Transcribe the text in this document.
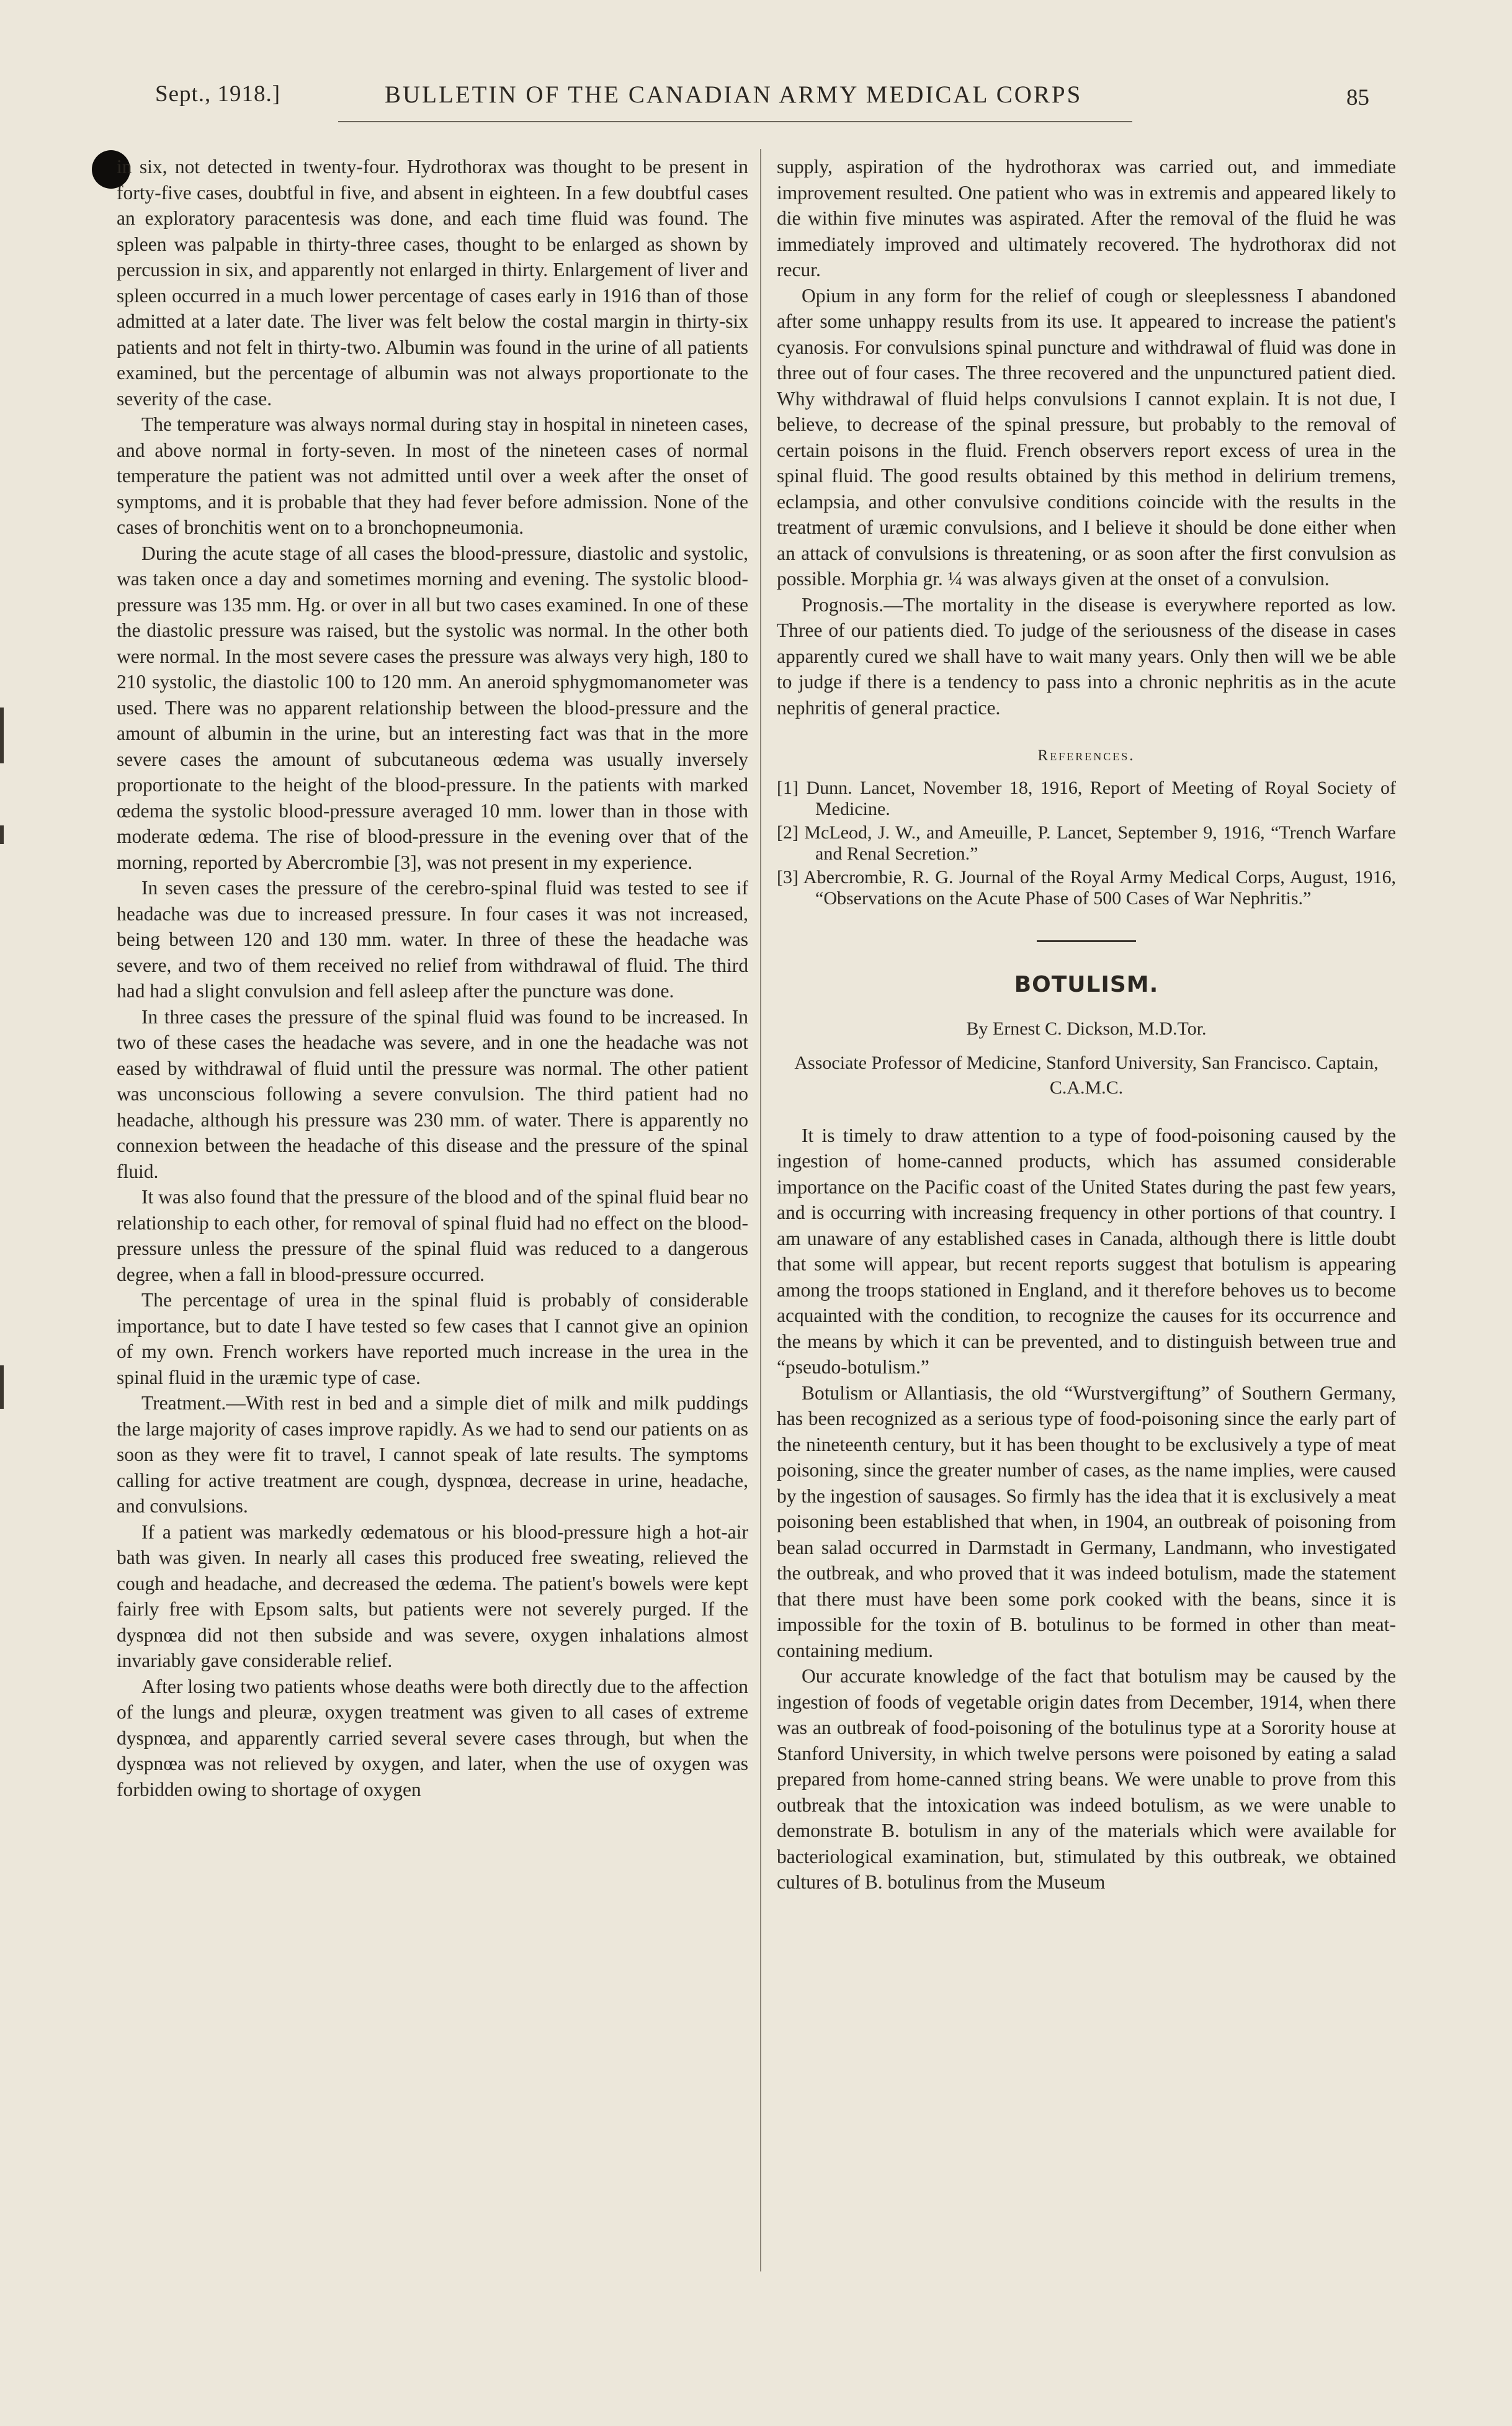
Sept., 1918.]	BULLETIN OF THE CANADIAN ARMY MEDICAL CORPS	85

in six, not detected in twenty-four. Hydrothorax was thought to be present in forty-five cases, doubtful in five, and absent in eighteen. In a few doubtful cases an exploratory paracentesis was done, and each time fluid was found. The spleen was palpable in thirty-three cases, thought to be enlarged as shown by percussion in six, and apparently not enlarged in thirty. Enlargement of liver and spleen occurred in a much lower percentage of cases early in 1916 than of those admitted at a later date. The liver was felt below the costal margin in thirty-six patients and not felt in thirty-two. Albumin was found in the urine of all patients examined, but the percentage of albumin was not always proportionate to the severity of the case.

The temperature was always normal during stay in hospital in nineteen cases, and above normal in forty-seven. In most of the nineteen cases of normal temperature the patient was not admitted until over a week after the onset of symptoms, and it is probable that they had fever before admission. None of the cases of bronchitis went on to a bronchopneumonia.

During the acute stage of all cases the blood-pressure, diastolic and systolic, was taken once a day and sometimes morning and evening. The systolic blood-pressure was 135 mm. Hg. or over in all but two cases examined. In one of these the diastolic pressure was raised, but the systolic was normal. In the other both were normal. In the most severe cases the pressure was always very high, 180 to 210 systolic, the diastolic 100 to 120 mm. An aneroid sphygmomanometer was used. There was no apparent relationship between the blood-pressure and the amount of albumin in the urine, but an interesting fact was that in the more severe cases the amount of subcutaneous œdema was usually inversely proportionate to the height of the blood-pressure. In the patients with marked œdema the systolic blood-pressure averaged 10 mm. lower than in those with moderate œdema. The rise of blood-pressure in the evening over that of the morning, reported by Abercrombie [3], was not present in my experience.

In seven cases the pressure of the cerebro-spinal fluid was tested to see if headache was due to increased pressure. In four cases it was not increased, being between 120 and 130 mm. water. In three of these the headache was severe, and two of them received no relief from withdrawal of fluid. The third had had a slight convulsion and fell asleep after the puncture was done.

In three cases the pressure of the spinal fluid was found to be increased. In two of these cases the headache was severe, and in one the headache was not eased by withdrawal of fluid until the pressure was normal. The other patient was unconscious following a severe convulsion. The third patient had no headache, although his pressure was 230 mm. of water. There is apparently no connexion between the headache of this disease and the pressure of the spinal fluid.

It was also found that the pressure of the blood and of the spinal fluid bear no relationship to each other, for removal of spinal fluid had no effect on the blood-pressure unless the pressure of the spinal fluid was reduced to a dangerous degree, when a fall in blood-pressure occurred.

The percentage of urea in the spinal fluid is probably of considerable importance, but to date I have tested so few cases that I cannot give an opinion of my own. French workers have reported much increase in the urea in the spinal fluid in the uræmic type of case.

Treatment.—With rest in bed and a simple diet of milk and milk puddings the large majority of cases improve rapidly. As we had to send our patients on as soon as they were fit to travel, I cannot speak of late results. The symptoms calling for active treatment are cough, dyspnœa, decrease in urine, headache, and convulsions.

If a patient was markedly œdematous or his blood-pressure high a hot-air bath was given. In nearly all cases this produced free sweating, relieved the cough and headache, and decreased the œdema. The patient's bowels were kept fairly free with Epsom salts, but patients were not severely purged. If the dyspnœa did not then subside and was severe, oxygen inhalations almost invariably gave considerable relief.

After losing two patients whose deaths were both directly due to the affection of the lungs and pleuræ, oxygen treatment was given to all cases of extreme dyspnœa, and apparently carried several severe cases through, but when the dyspnœa was not relieved by oxygen, and later, when the use of oxygen was forbidden owing to shortage of oxygen

supply, aspiration of the hydrothorax was carried out, and immediate improvement resulted. One patient who was in extremis and appeared likely to die within five minutes was aspirated. After the removal of the fluid he was immediately improved and ultimately recovered. The hydrothorax did not recur.

Opium in any form for the relief of cough or sleeplessness I abandoned after some unhappy results from its use. It appeared to increase the patient's cyanosis. For convulsions spinal puncture and withdrawal of fluid was done in three out of four cases. The three recovered and the unpunctured patient died. Why withdrawal of fluid helps convulsions I cannot explain. It is not due, I believe, to decrease of the spinal pressure, but probably to the removal of certain poisons in the fluid. French observers report excess of urea in the spinal fluid. The good results obtained by this method in delirium tremens, eclampsia, and other convulsive conditions coincide with the results in the treatment of uræmic convulsions, and I believe it should be done either when an attack of convulsions is threatening, or as soon after the first convulsion as possible. Morphia gr. ¼ was always given at the onset of a convulsion.

Prognosis.—The mortality in the disease is everywhere reported as low. Three of our patients died. To judge of the seriousness of the disease in cases apparently cured we shall have to wait many years. Only then will we be able to judge if there is a tendency to pass into a chronic nephritis as in the acute nephritis of general practice.

References.

[1] Dunn. Lancet, November 18, 1916, Report of Meeting of Royal Society of Medicine.

[2] McLeod, J. W., and Ameuille, P. Lancet, September 9, 1916, “Trench Warfare and Renal Secretion.”

[3] Abercrombie, R. G. Journal of the Royal Army Medical Corps, August, 1916, “Observations on the Acute Phase of 500 Cases of War Nephritis.”

BOTULISM.
By Ernest C. Dickson, M.D.Tor.
Associate Professor of Medicine, Stanford University, San Francisco. Captain, C.A.M.C.

It is timely to draw attention to a type of food-poisoning caused by the ingestion of home-canned products, which has assumed considerable importance on the Pacific coast of the United States during the past few years, and is occurring with increasing frequency in other portions of that country. I am unaware of any established cases in Canada, although there is little doubt that some will appear, but recent reports suggest that botulism is appearing among the troops stationed in England, and it therefore behoves us to become acquainted with the condition, to recognize the causes for its occurrence and the means by which it can be prevented, and to distinguish between true and “pseudo-botulism.”

Botulism or Allantiasis, the old “Wurstvergiftung” of Southern Germany, has been recognized as a serious type of food-poisoning since the early part of the nineteenth century, but it has been thought to be exclusively a type of meat poisoning, since the greater number of cases, as the name implies, were caused by the ingestion of sausages. So firmly has the idea that it is exclusively a meat poisoning been established that when, in 1904, an outbreak of poisoning from bean salad occurred in Darmstadt in Germany, Landmann, who investigated the outbreak, and who proved that it was indeed botulism, made the statement that there must have been some pork cooked with the beans, since it is impossible for the toxin of B. botulinus to be formed in other than meat-containing medium.

Our accurate knowledge of the fact that botulism may be caused by the ingestion of foods of vegetable origin dates from December, 1914, when there was an outbreak of food-poisoning of the botulinus type at a Sorority house at Stanford University, in which twelve persons were poisoned by eating a salad prepared from home-canned string beans. We were unable to prove from this outbreak that the intoxication was indeed botulism, as we were unable to demonstrate B. botulism in any of the materials which were available for bacteriological examination, but, stimulated by this outbreak, we obtained cultures of B. botulinus from the Museum
